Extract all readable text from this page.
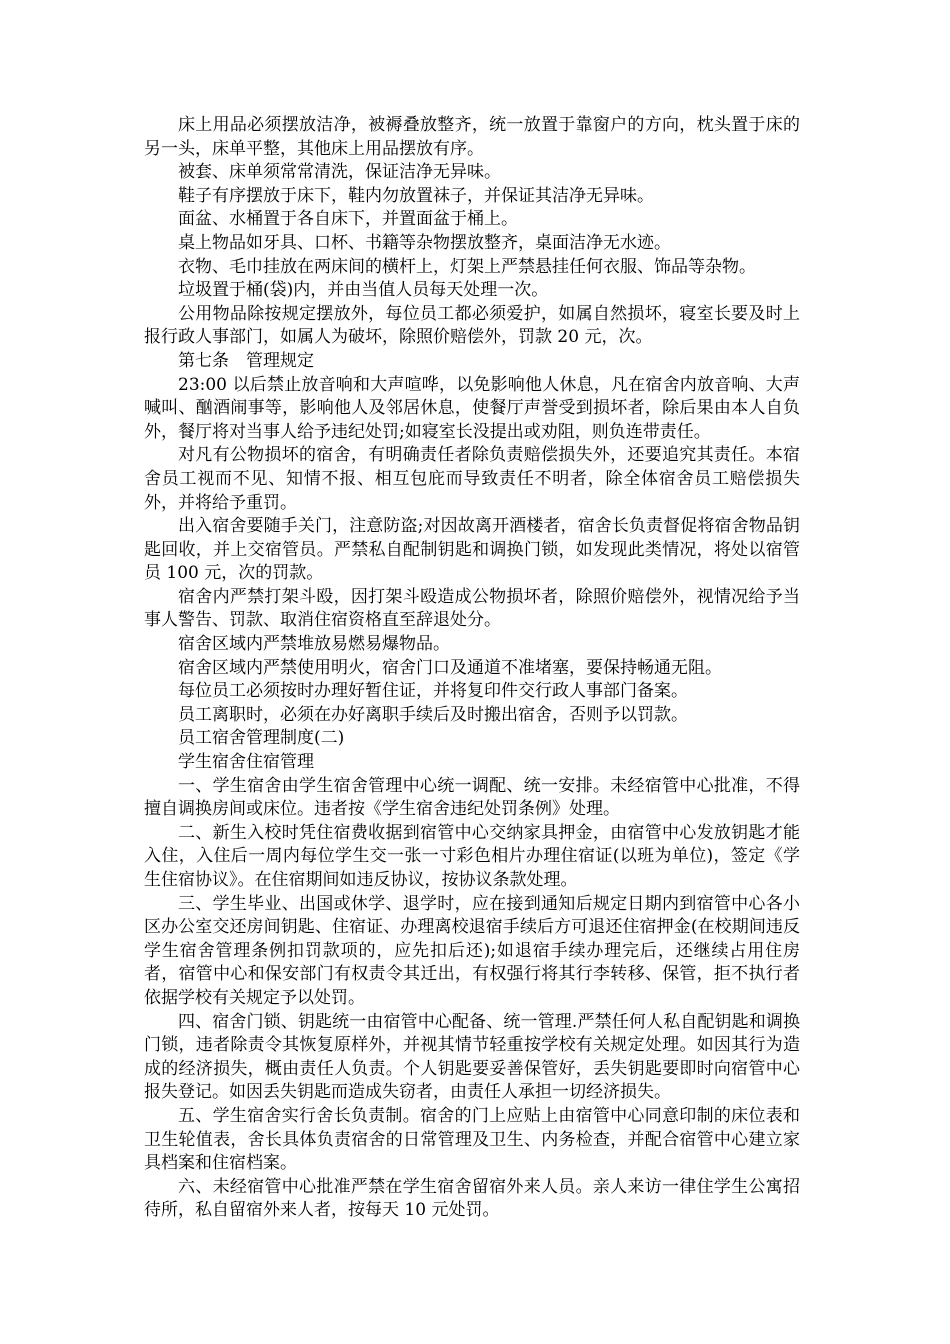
床上用品必须摆放洁净，被褥叠放整齐，统一放置于靠窗户的方向，枕头置于床的另一头，床单平整，其他床上用品摆放有序。

被套、床单须常常清洗，保证洁净无异味。

鞋子有序摆放于床下，鞋内勿放置袜子，并保证其洁净无异味。

面盆、水桶置于各自床下，并置面盆于桶上。

桌上物品如牙具、口杯、书籍等杂物摆放整齐，桌面洁净无水迹。

衣物、毛巾挂放在两床间的横杆上，灯架上严禁悬挂任何衣服、饰品等杂物。

垃圾置于桶(袋)内，并由当值人员每天处理一次。

公用物品除按规定摆放外，每位员工都必须爱护，如属自然损坏，寝室长要及时上报行政人事部门，如属人为破坏，除照价赔偿外，罚款 20 元，次。

第七条　管理规定

23:00 以后禁止放音响和大声喧哗，以免影响他人休息，凡在宿舍内放音响、大声喊叫、酗酒闹事等，影响他人及邻居休息，使餐厅声誉受到损坏者，除后果由本人自负外，餐厅将对当事人给予违纪处罚;如寝室长没提出或劝阻，则负连带责任。

对凡有公物损坏的宿舍，有明确责任者除负责赔偿损失外，还要追究其责任。本宿舍员工视而不见、知情不报、相互包庇而导致责任不明者，除全体宿舍员工赔偿损失外，并将给予重罚。

出入宿舍要随手关门，注意防盗;对因故离开酒楼者，宿舍长负责督促将宿舍物品钥匙回收，并上交宿管员。严禁私自配制钥匙和调换门锁，如发现此类情况，将处以宿管员 100 元，次的罚款。

宿舍内严禁打架斗殴，因打架斗殴造成公物损坏者，除照价赔偿外，视情况给予当事人警告、罚款、取消住宿资格直至辞退处分。

宿舍区域内严禁堆放易燃易爆物品。

宿舍区域内严禁使用明火，宿舍门口及通道不准堵塞，要保持畅通无阻。

每位员工必须按时办理好暂住证，并将复印件交行政人事部门备案。

员工离职时，必须在办好离职手续后及时搬出宿舍，否则予以罚款。

员工宿舍管理制度(二)

学生宿舍住宿管理

一、学生宿舍由学生宿舍管理中心统一调配、统一安排。未经宿管中心批准，不得擅自调换房间或床位。违者按《学生宿舍违纪处罚条例》处理。

二、新生入校时凭住宿费收据到宿管中心交纳家具押金，由宿管中心发放钥匙才能入住，入住后一周内每位学生交一张一寸彩色相片办理住宿证(以班为单位)，签定《学生住宿协议》。在住宿期间如违反协议，按协议条款处理。

三、学生毕业、出国或休学、退学时，应在接到通知后规定日期内到宿管中心各小区办公室交还房间钥匙、住宿证、办理离校退宿手续后方可退还住宿押金(在校期间违反学生宿舍管理条例扣罚款项的，应先扣后还);如退宿手续办理完后，还继续占用住房者，宿管中心和保安部门有权责令其迁出，有权强行将其行李转移、保管，拒不执行者依据学校有关规定予以处罚。

四、宿舍门锁、钥匙统一由宿管中心配备、统一管理.严禁任何人私自配钥匙和调换门锁，违者除责令其恢复原样外，并视其情节轻重按学校有关规定处理。如因其行为造成的经济损失，概由责任人负责。个人钥匙要妥善保管好，丢失钥匙要即时向宿管中心报失登记。如因丢失钥匙而造成失窃者，由责任人承担一切经济损失。

五、学生宿舍实行舍长负责制。宿舍的门上应贴上由宿管中心同意印制的床位表和卫生轮值表，舍长具体负责宿舍的日常管理及卫生、内务检查，并配合宿管中心建立家具档案和住宿档案。

六、未经宿管中心批准严禁在学生宿舍留宿外来人员。亲人来访一律住学生公寓招待所，私自留宿外来人者，按每天 10 元处罚。
